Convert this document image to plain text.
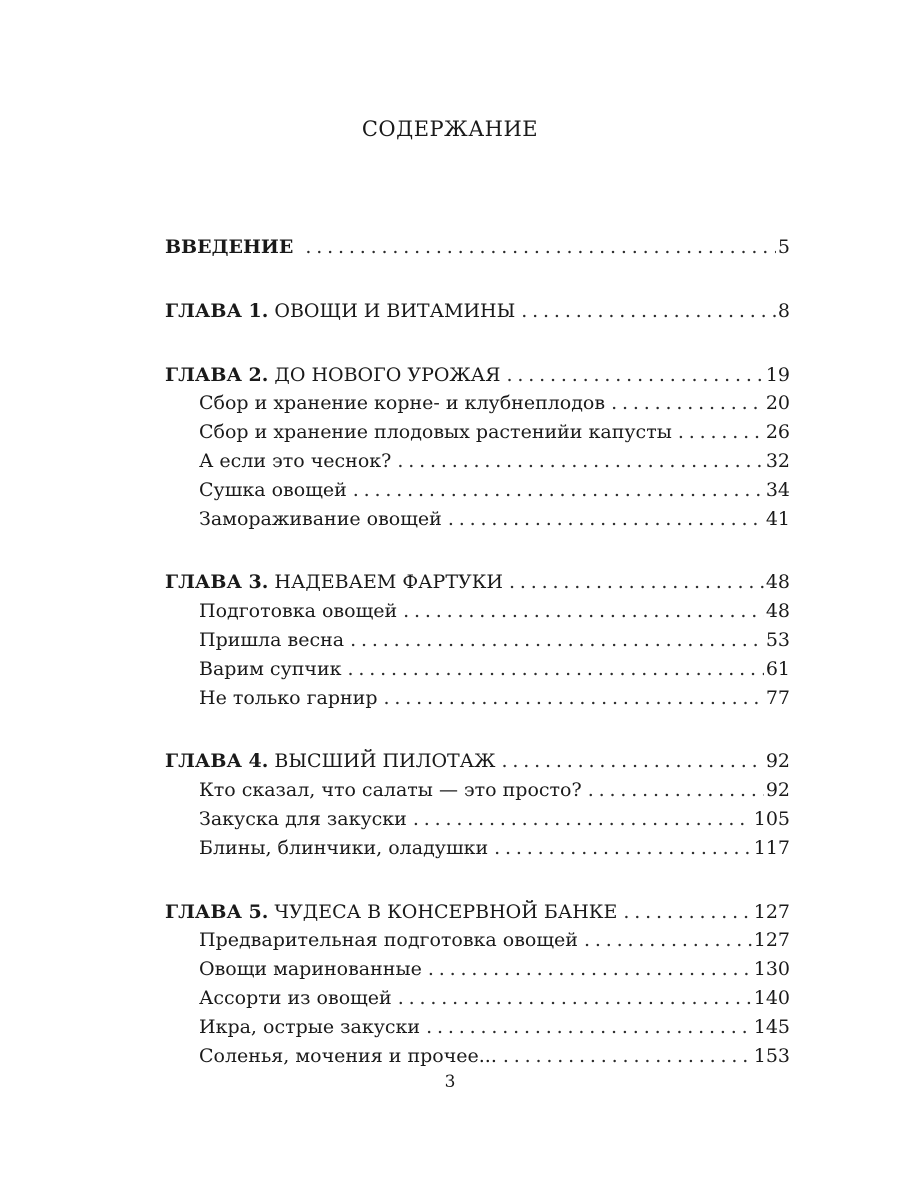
СОДЕРЖАНИЕ
ВВЕДЕНИЕ . . .	5
ГЛАВА 1. ОВОЩИ И ВИТАМИНЫ . . .	8
ГЛАВА 2. ДО НОВОГО УРОЖАЯ . . .	19
Сбор и хранение корне- и клубнеплодов . . .	20
Сбор и хранение плодовых растенийи капусты . . .	26
А если это чеснок? . . .	32
Сушка овощей . . .	34
Замораживание овощей . . .	41
ГЛАВА 3. НАДЕВАЕМ ФАРТУКИ . . .	48
Подготовка овощей . . .	48
Пришла весна . . .	53
Варим супчик . . .	61
Не только гарнир . . .	77
ГЛАВА 4. ВЫСШИЙ ПИЛОТАЖ . . .	92
Кто сказал, что салаты — это просто? . . .	92
Закуска для закуски . . .	105
Блины, блинчики, оладушки . . .	117
ГЛАВА 5. ЧУДЕСА В КОНСЕРВНОЙ БАНКЕ . . .	127
Предварительная подготовка овощей . . .	127
Овощи маринованные . . .	130
Ассорти из овощей . . .	140
Икра, острые закуски . . .	145
Соленья, мочения и прочее... . . .	153
3
